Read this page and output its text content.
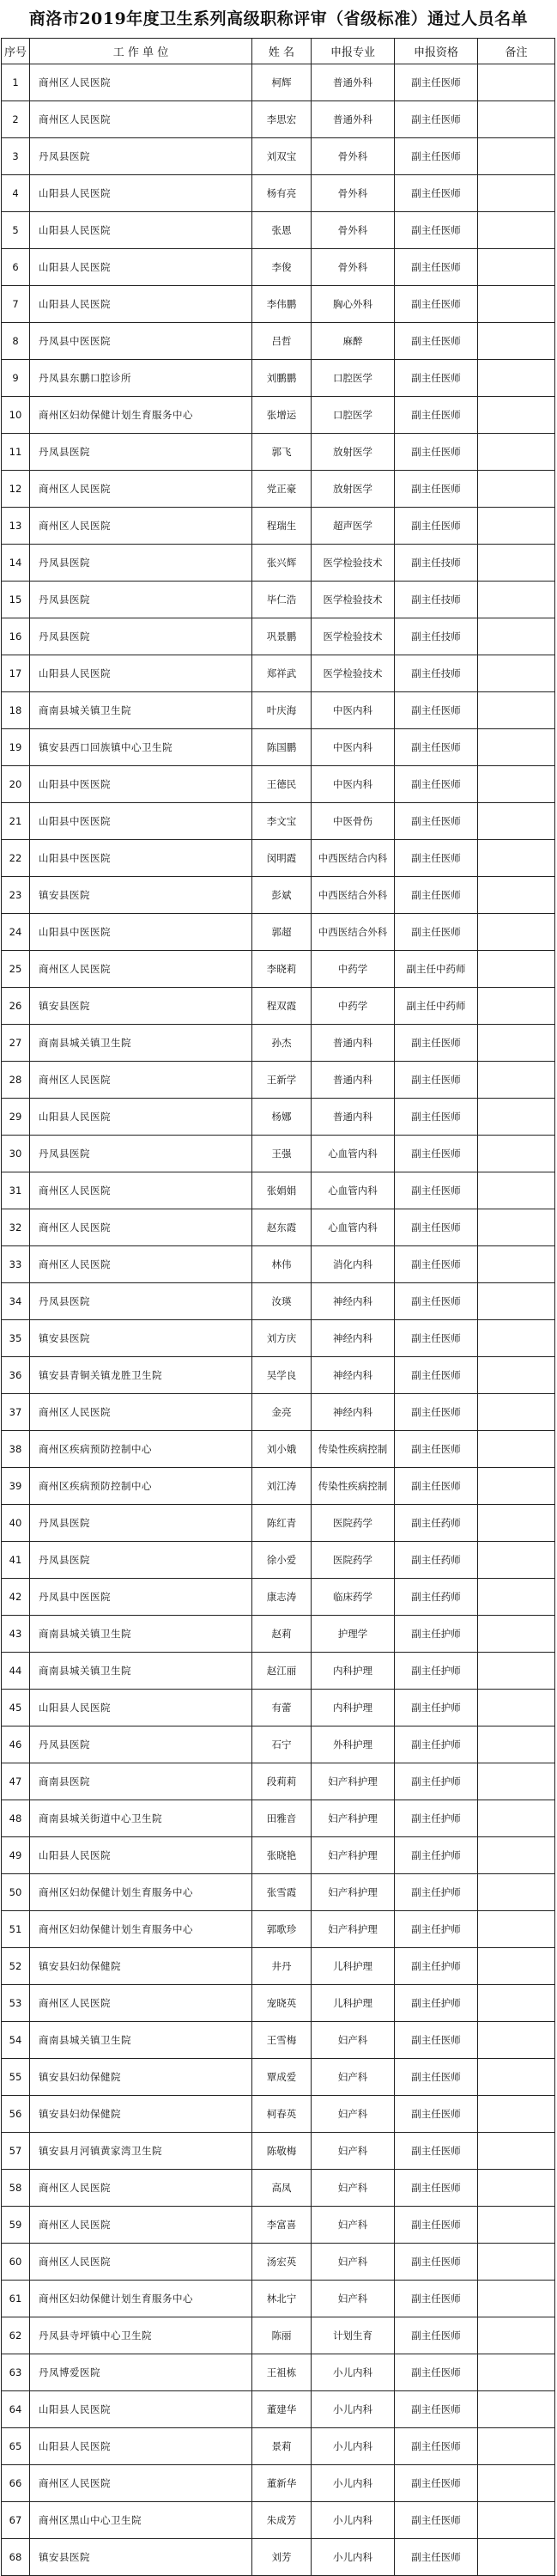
商洛市2019年度卫生系列高级职称评审（省级标准）通过人员名单
序号	工 作 单 位	姓 名	申报专业	申报资格	备注
1	商州区人民医院	柯辉	普通外科	副主任医师	
2	商州区人民医院	李思宏	普通外科	副主任医师	
3	丹凤县医院	刘双宝	骨外科	副主任医师	
4	山阳县人民医院	杨有亮	骨外科	副主任医师	
5	山阳县人民医院	张恩	骨外科	副主任医师	
6	山阳县人民医院	李俊	骨外科	副主任医师	
7	山阳县人民医院	李伟鹏	胸心外科	副主任医师	
8	丹凤县中医医院	吕哲	麻醉	副主任医师	
9	丹凤县东鹏口腔诊所	刘鹏鹏	口腔医学	副主任医师	
10	商州区妇幼保健计划生育服务中心	张增运	口腔医学	副主任医师	
11	丹凤县医院	郭飞	放射医学	副主任医师	
12	商州区人民医院	党正豪	放射医学	副主任医师	
13	商州区人民医院	程瑞生	超声医学	副主任医师	
14	丹凤县医院	张兴辉	医学检验技术	副主任技师	
15	丹凤县医院	毕仁浩	医学检验技术	副主任技师	
16	丹凤县医院	巩景鹏	医学检验技术	副主任技师	
17	山阳县人民医院	郑祥武	医学检验技术	副主任技师	
18	商南县城关镇卫生院	叶庆海	中医内科	副主任医师	
19	镇安县西口回族镇中心卫生院	陈国鹏	中医内科	副主任医师	
20	山阳县中医医院	王德民	中医内科	副主任医师	
21	山阳县中医医院	李文宝	中医骨伤	副主任医师	
22	山阳县中医医院	闵明霞	中西医结合内科	副主任医师	
23	镇安县医院	彭斌	中西医结合外科	副主任医师	
24	山阳县中医医院	郭超	中西医结合外科	副主任医师	
25	商州区人民医院	李晓莉	中药学	副主任中药师	
26	镇安县医院	程双霞	中药学	副主任中药师	
27	商南县城关镇卫生院	孙杰	普通内科	副主任医师	
28	商州区人民医院	王新学	普通内科	副主任医师	
29	山阳县人民医院	杨娜	普通内科	副主任医师	
30	丹凤县医院	王强	心血管内科	副主任医师	
31	商州区人民医院	张娟娟	心血管内科	副主任医师	
32	商州区人民医院	赵东霞	心血管内科	副主任医师	
33	商州区人民医院	林伟	消化内科	副主任医师	
34	丹凤县医院	汝瑛	神经内科	副主任医师	
35	镇安县医院	刘方庆	神经内科	副主任医师	
36	镇安县青铜关镇龙胜卫生院	吴学良	神经内科	副主任医师	
37	商州区人民医院	金亮	神经内科	副主任医师	
38	商州区疾病预防控制中心	刘小娥	传染性疾病控制	副主任医师	
39	商州区疾病预防控制中心	刘江涛	传染性疾病控制	副主任医师	
40	丹凤县医院	陈红青	医院药学	副主任药师	
41	丹凤县医院	徐小爱	医院药学	副主任药师	
42	丹凤县中医医院	康志涛	临床药学	副主任药师	
43	商南县城关镇卫生院	赵莉	护理学	副主任护师	
44	商南县城关镇卫生院	赵江丽	内科护理	副主任护师	
45	山阳县人民医院	有蕾	内科护理	副主任护师	
46	丹凤县医院	石宁	外科护理	副主任护师	
47	商南县医院	段莉莉	妇产科护理	副主任护师	
48	商南县城关街道中心卫生院	田雅音	妇产科护理	副主任护师	
49	山阳县人民医院	张晓艳	妇产科护理	副主任护师	
50	商州区妇幼保健计划生育服务中心	张雪霞	妇产科护理	副主任护师	
51	商州区妇幼保健计划生育服务中心	郭歌珍	妇产科护理	副主任护师	
52	镇安县妇幼保健院	井丹	儿科护理	副主任护师	
53	商州区人民医院	宠晓英	儿科护理	副主任护师	
54	商南县城关镇卫生院	王雪梅	妇产科	副主任医师	
55	镇安县妇幼保健院	覃成爱	妇产科	副主任医师	
56	镇安县妇幼保健院	柯春英	妇产科	副主任医师	
57	镇安县月河镇黄家湾卫生院	陈敬梅	妇产科	副主任医师	
58	商州区人民医院	高凤	妇产科	副主任医师	
59	商州区人民医院	李富喜	妇产科	副主任医师	
60	商州区人民医院	汤宏英	妇产科	副主任医师	
61	商州区妇幼保健计划生育服务中心	林北宁	妇产科	副主任医师	
62	丹凤县寺坪镇中心卫生院	陈丽	计划生育	副主任医师	
63	丹凤博爱医院	王祖栋	小儿内科	副主任医师	
64	山阳县人民医院	董建华	小儿内科	副主任医师	
65	山阳县人民医院	景莉	小儿内科	副主任医师	
66	商州区人民医院	董新华	小儿内科	副主任医师	
67	商州区黑山中心卫生院	朱成芳	小儿内科	副主任医师	
68	镇安县医院	刘芳	小儿内科	副主任医师	
